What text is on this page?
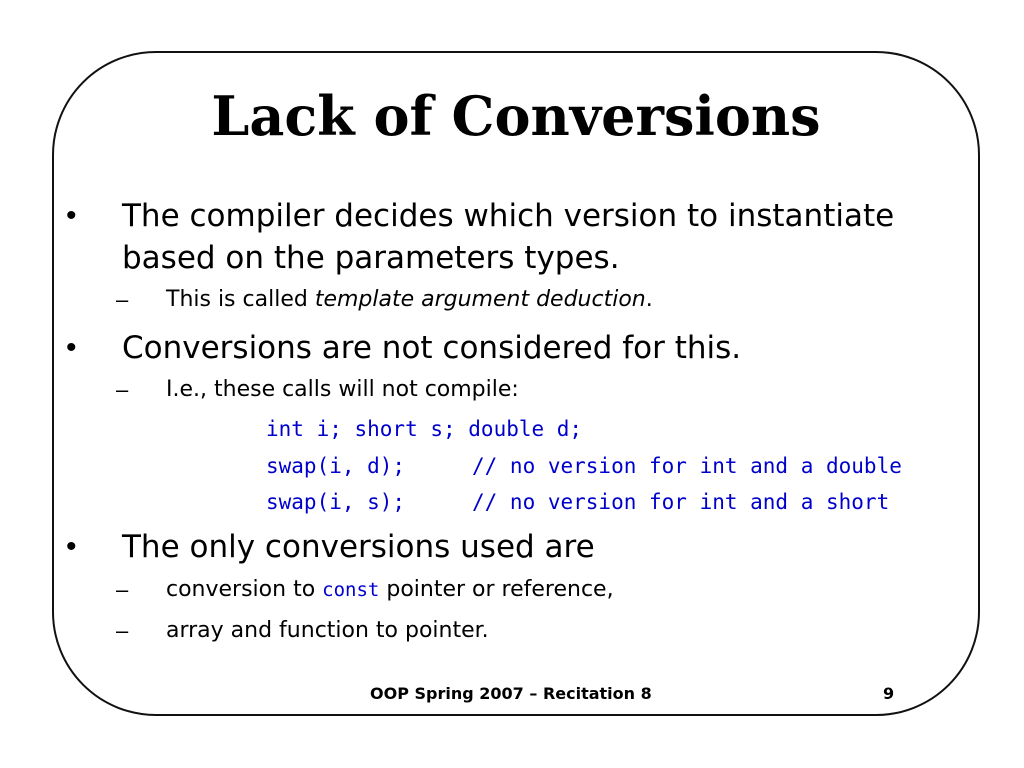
Lack of Conversions
• The compiler decides which version to instantiate
based on the parameters types.
– This is called template argument deduction.
• Conversions are not considered for this.
– I.e., these calls will not compile:
int i; short s; double d;
swap(i, d);	// no version for int and a double
swap(i, s);	// no version for int and a short
• The only conversions used are
– conversion to const pointer or reference,
– array and function to pointer.
OOP Spring 2007 – Recitation 8	9
